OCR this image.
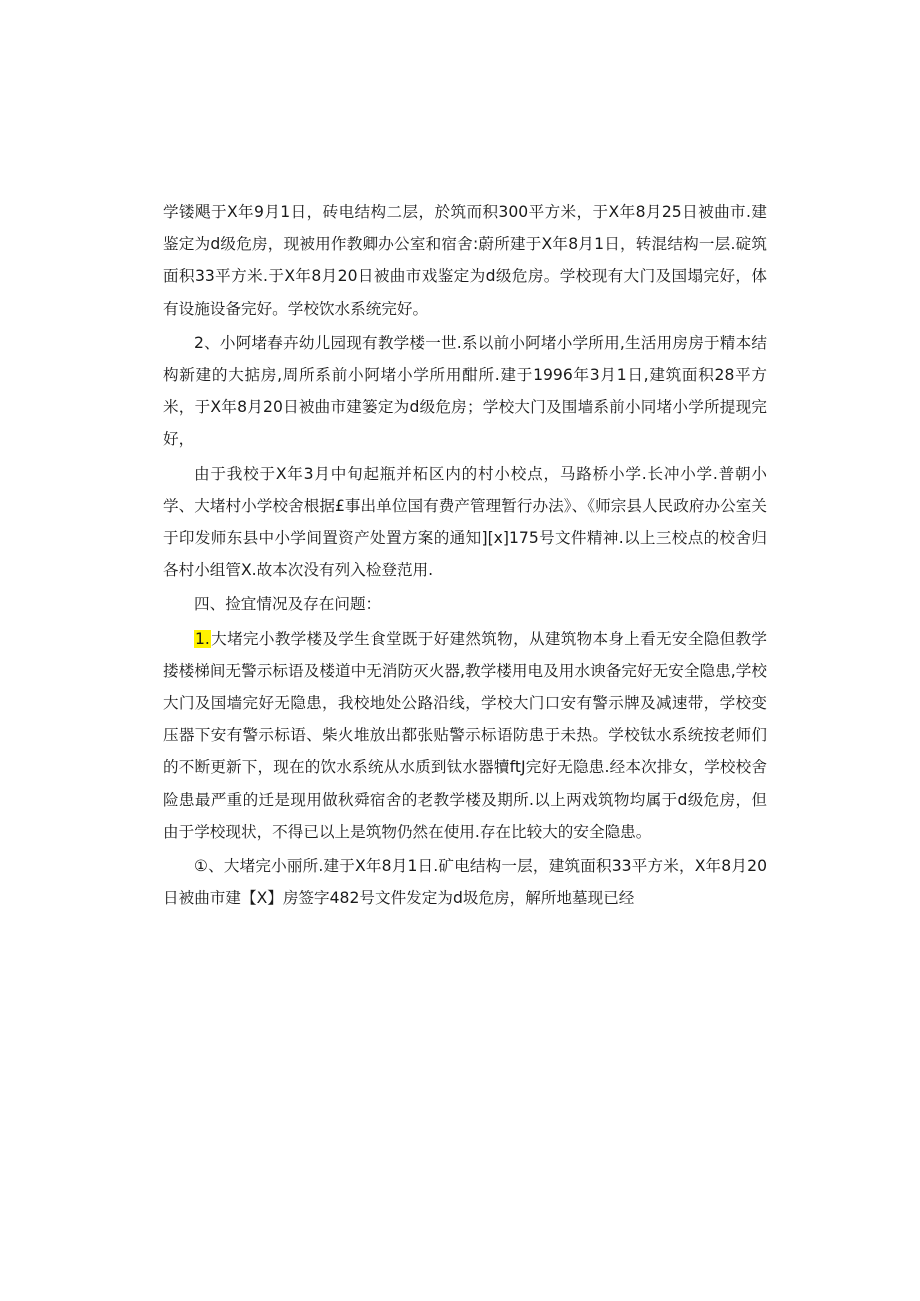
学镂飓于X年9月1日，砖电结构二层，於筑而积300平方米，于X年8月25日被曲市.建鉴定为d级危房，现被用作教卿办公室和宿舍:蔚所建于X年8月1日，转混结构一层.碇筑面积33平方米.于X年8月20日被曲市戏鉴定为d级危房。学校现有大门及国塌完好，体有设施设备完好。学校饮水系统完好。

2、小阿堵春卉幼儿园现有教学楼一世.系以前小阿堵小学所用,生活用房房于精本结构新建的大掂房,周所系前小阿堵小学所用酣所.建于1996年3月1日,建筑面积28平方米，于X年8月20日被曲市建篓定为d级危房；学校大门及围墙系前小同堵小学所提现完好，

由于我校于X年3月中旬起瓶并柘区内的村小校点，马路桥小学.长冲小学.普朝小学、大堵村小学校舍根据£事出单位国有费产管理暂行办法》、《师宗县人民政府办公室关于印发师东县中小学间置资产处置方案的通知][x]175号文件精神.以上三校点的校舍归各村小组管X.故本次没有列入检登范用.

四、捡宜情况及存在问题：

1.大堵完小教学楼及学生食堂既于好建然筑物，从建筑物本身上看无安全隐但教学搂楼梯间无警示标语及楼道中无消防灭火器,教学楼用电及用水谀备完好无安全隐患,学校大门及国墙完好无隐患，我校地处公路沿线，学校大门口安有警示牌及减速带，学校变压器下安有警示标语、柴火堆放出都张贴警示标语防患于未热。学校钛水系统按老师们的不断更新下，现在的饮水系统从水质到钛水器犢ftJ完好无隐患.经本次排女，学校校舍险患最严重的迁是现用做秋舜宿舍的老教学楼及期所.以上两戏筑物均属于d级危房，但由于学校现状，不得已以上是筑物仍然在使用.存在比较大的安全隐患。

①、大堵完小丽所.建于X年8月1日.矿电结构一层，建筑面积33平方米，X年8月20日被曲市建【X】房签字482号文件发定为d圾危房，解所地墓现已经
